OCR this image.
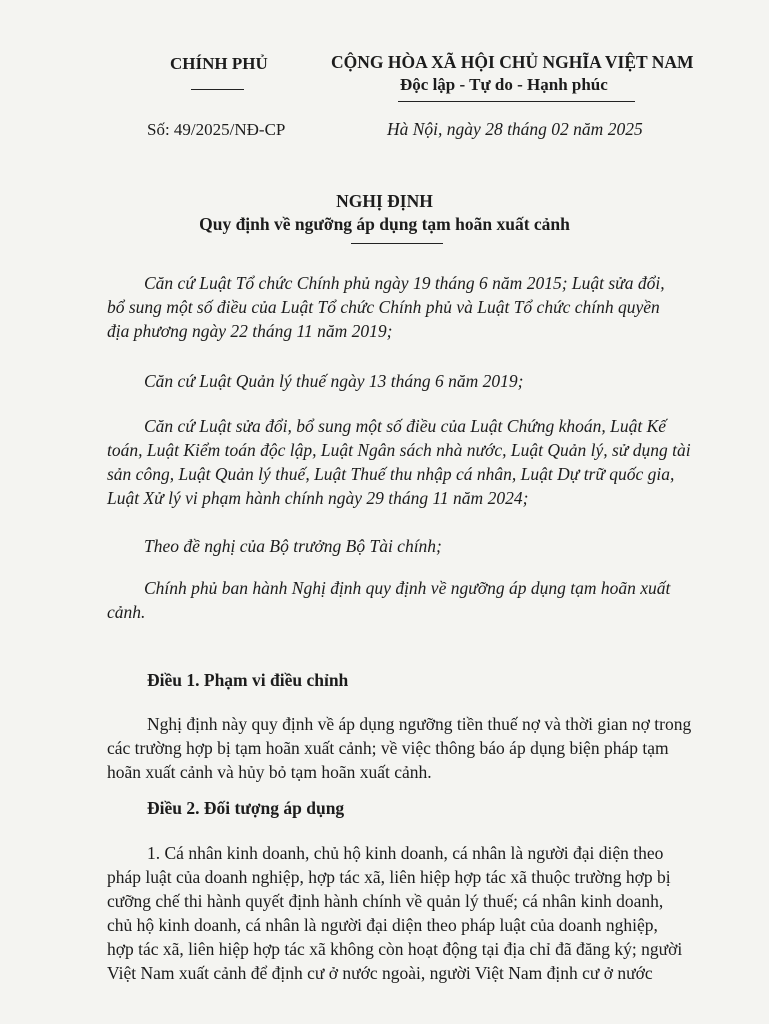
CHÍNH PHỦ	CỘNG HÒA XÃ HỘI CHỦ NGHĨA VIỆT NAM
Độc lập - Tự do - Hạnh phúc
Số: 49/2025/NĐ-CP	Hà Nội, ngày 28 tháng 02 năm 2025
NGHỊ ĐỊNH
Quy định về ngưỡng áp dụng tạm hoãn xuất cảnh
Căn cứ Luật Tổ chức Chính phủ ngày 19 tháng 6 năm 2015; Luật sửa đổi,
bổ sung một số điều của Luật Tổ chức Chính phủ và Luật Tổ chức chính quyền
địa phương ngày 22 tháng 11 năm 2019;
Căn cứ Luật Quản lý thuế ngày 13 tháng 6 năm 2019;
Căn cứ Luật sửa đổi, bổ sung một số điều của Luật Chứng khoán, Luật Kế
toán, Luật Kiểm toán độc lập, Luật Ngân sách nhà nước, Luật Quản lý, sử dụng tài
sản công, Luật Quản lý thuế, Luật Thuế thu nhập cá nhân, Luật Dự trữ quốc gia,
Luật Xử lý vi phạm hành chính ngày 29 tháng 11 năm 2024;
Theo đề nghị của Bộ trưởng Bộ Tài chính;
Chính phủ ban hành Nghị định quy định về ngưỡng áp dụng tạm hoãn xuất
cảnh.
Điều 1. Phạm vi điều chỉnh
Nghị định này quy định về áp dụng ngưỡng tiền thuế nợ và thời gian nợ trong
các trường hợp bị tạm hoãn xuất cảnh; về việc thông báo áp dụng biện pháp tạm
hoãn xuất cảnh và hủy bỏ tạm hoãn xuất cảnh.
Điều 2. Đối tượng áp dụng
1. Cá nhân kinh doanh, chủ hộ kinh doanh, cá nhân là người đại diện theo
pháp luật của doanh nghiệp, hợp tác xã, liên hiệp hợp tác xã thuộc trường hợp bị
cưỡng chế thi hành quyết định hành chính về quản lý thuế; cá nhân kinh doanh,
chủ hộ kinh doanh, cá nhân là người đại diện theo pháp luật của doanh nghiệp,
hợp tác xã, liên hiệp hợp tác xã không còn hoạt động tại địa chỉ đã đăng ký; người
Việt Nam xuất cảnh để định cư ở nước ngoài, người Việt Nam định cư ở nước
